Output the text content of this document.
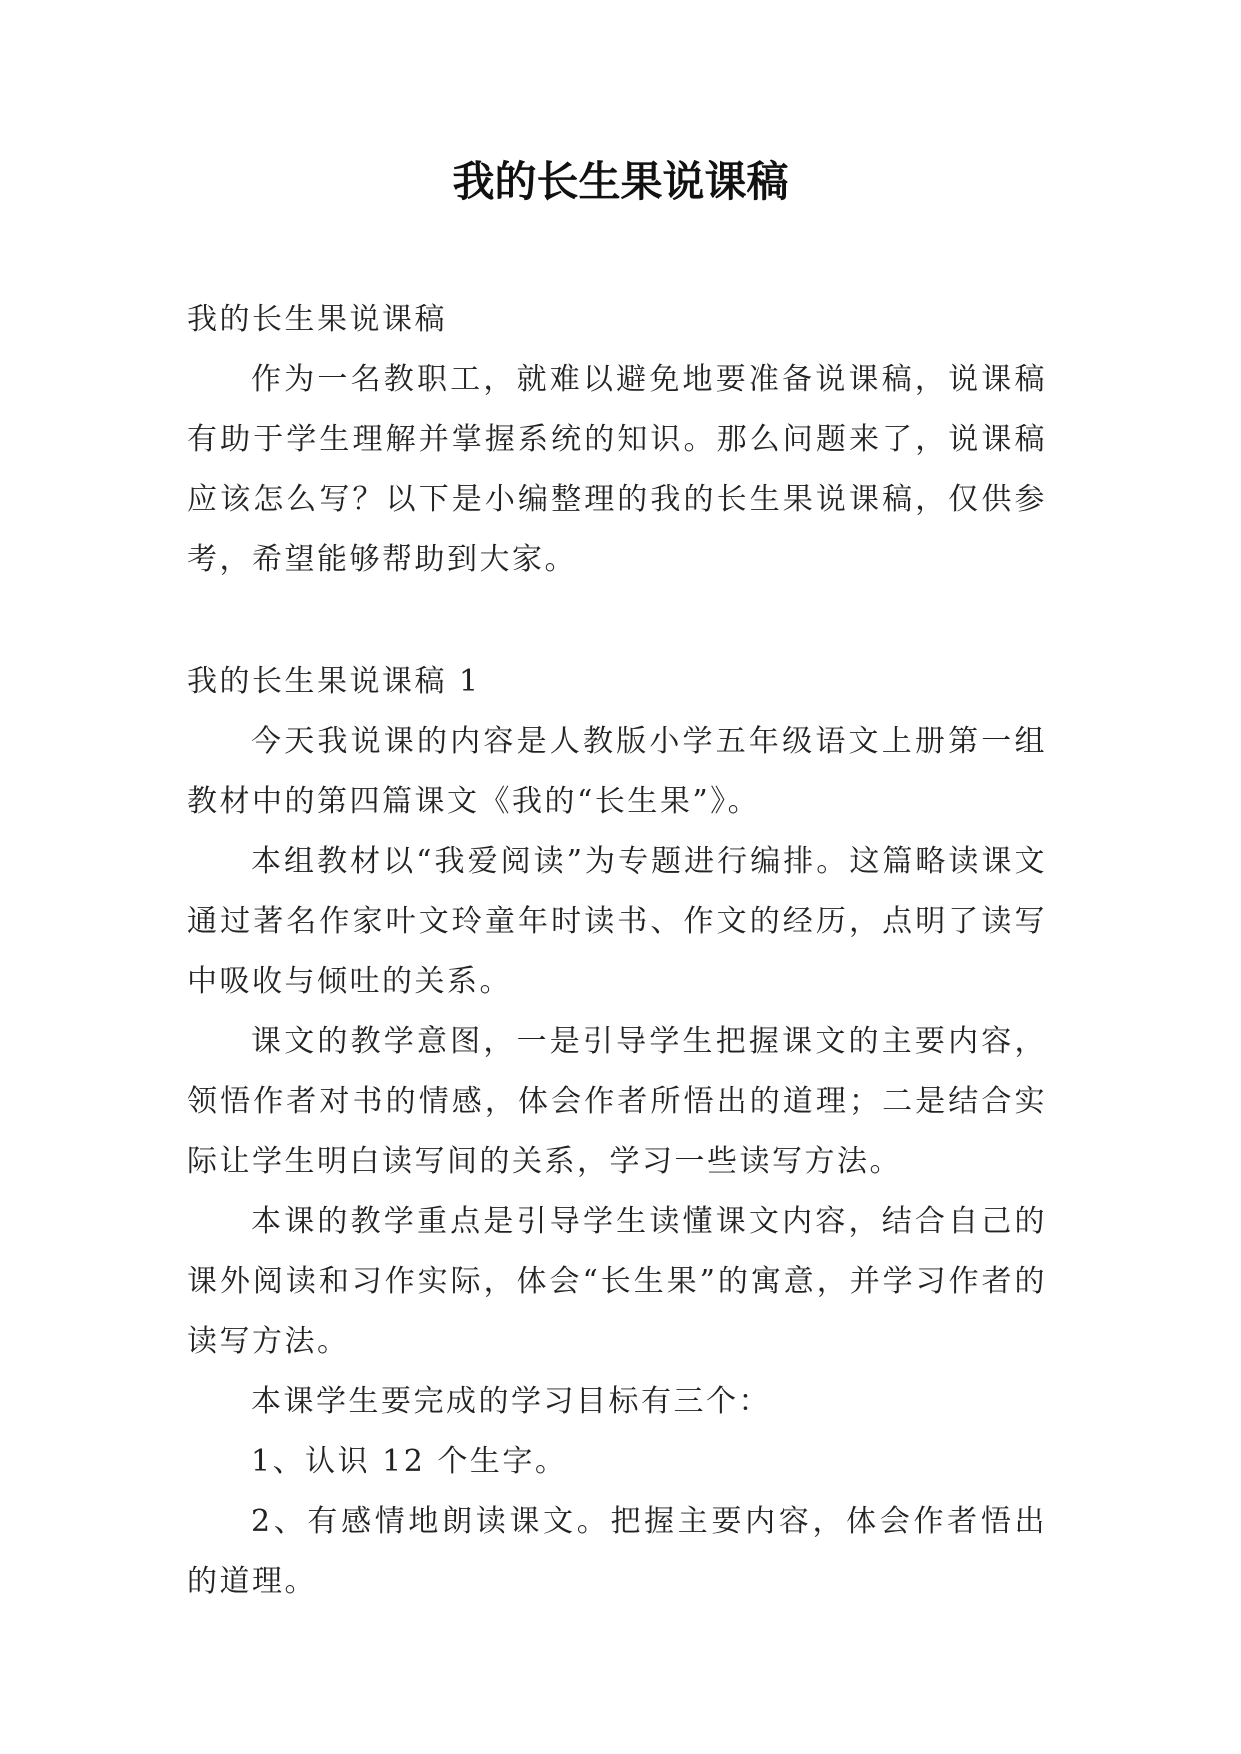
我的长生果说课稿

我的长生果说课稿

作为一名教职工，就难以避免地要准备说课稿，说课稿有助于学生理解并掌握系统的知识。那么问题来了，说课稿应该怎么写？以下是小编整理的我的长生果说课稿，仅供参考，希望能够帮助到大家。

我的长生果说课稿 1

今天我说课的内容是人教版小学五年级语文上册第一组教材中的第四篇课文《我的“长生果”》。

本组教材以“我爱阅读”为专题进行编排。这篇略读课文通过著名作家叶文玲童年时读书、作文的经历，点明了读写中吸收与倾吐的关系。

课文的教学意图，一是引导学生把握课文的主要内容，领悟作者对书的情感，体会作者所悟出的道理；二是结合实际让学生明白读写间的关系，学习一些读写方法。

本课的教学重点是引导学生读懂课文内容，结合自己的课外阅读和习作实际，体会“长生果”的寓意，并学习作者的读写方法。

本课学生要完成的学习目标有三个：

1、认识 12 个生字。

2、有感情地朗读课文。把握主要内容，体会作者悟出的道理。
